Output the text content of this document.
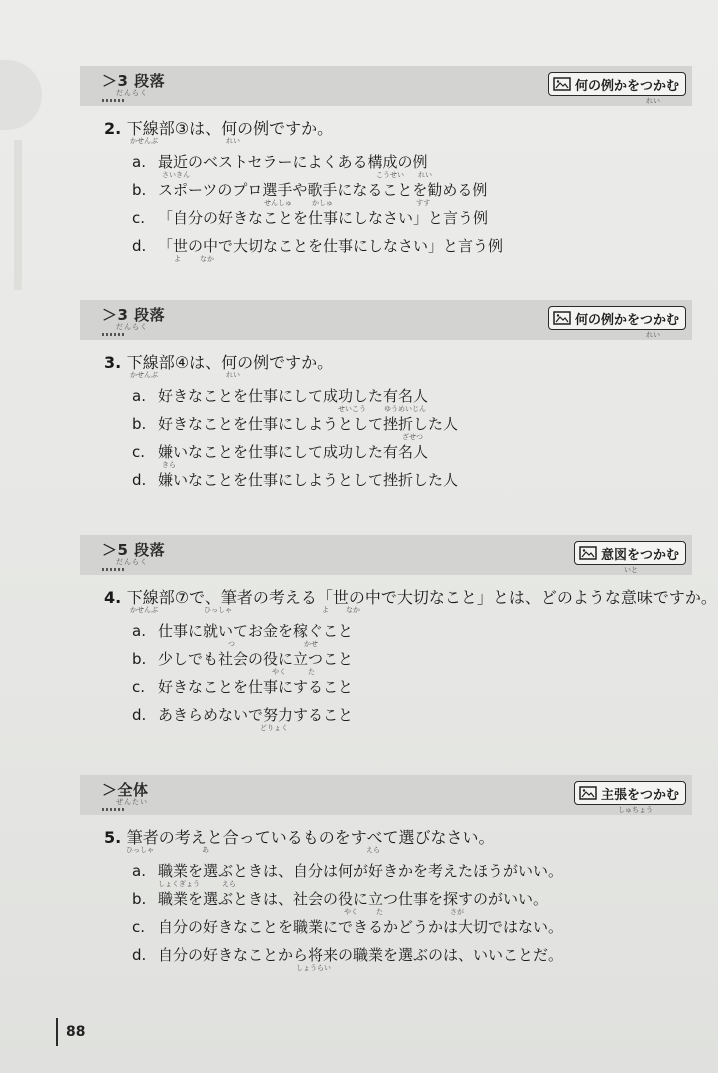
＞3 段落
だんらく	何の例かをつかむ
れい
2. 下線部③は、何の例ですか。
かせんぶ	れい
a. 最近のベストセラーによくある構成の例
さいきん	こうせい れい
b. スポーツのプロ選手や歌手になることを勧める例
せんしゅ	かしゅ	すす
c. 「自分の好きなことを仕事にしなさい」と言う例
d. 「世の中で大切なことを仕事にしなさい」と言う例
よ	なか
＞3 段落
だんらく	何の例かをつかむ
れい
3. 下線部④は、何の例ですか。
かせんぶ	れい
a. 好きなことを仕事にして成功した有名人
せいこう	ゆうめいじん
b. 好きなことを仕事にしようとして挫折した人
ざせつ
c. 嫌いなことを仕事にして成功した有名人
きら
d. 嫌いなことを仕事にしようとして挫折した人
＞5 段落
だんらく	意図をつかむ
いと
4. 下線部⑦で、筆者の考える「世の中で大切なこと」とは、どのような意味ですか。
かせんぶ	ひっしゃ	よ なか
a. 仕事に就いてお金を稼ぐこと
つ	かせ
b. 少しでも社会の役に立つこと
やく	た
c. 好きなことを仕事にすること
d. あきらめないで努力すること
どりょく
＞全体
ぜんたい	主張をつかむ
しゅちょう
5. 筆者の考えと合っているものをすべて選びなさい。
ひっしゃ	あ	えら
a. 職業を選ぶときは、自分は何が好きかを考えたほうがいい。
しょくぎょう	えら
b. 職業を選ぶときは、社会の役に立つ仕事を探すのがいい。
やく	た	さが
c. 自分の好きなことを職業にできるかどうかは大切ではない。
d. 自分の好きなことから将来の職業を選ぶのは、いいことだ。
しょうらい
88
